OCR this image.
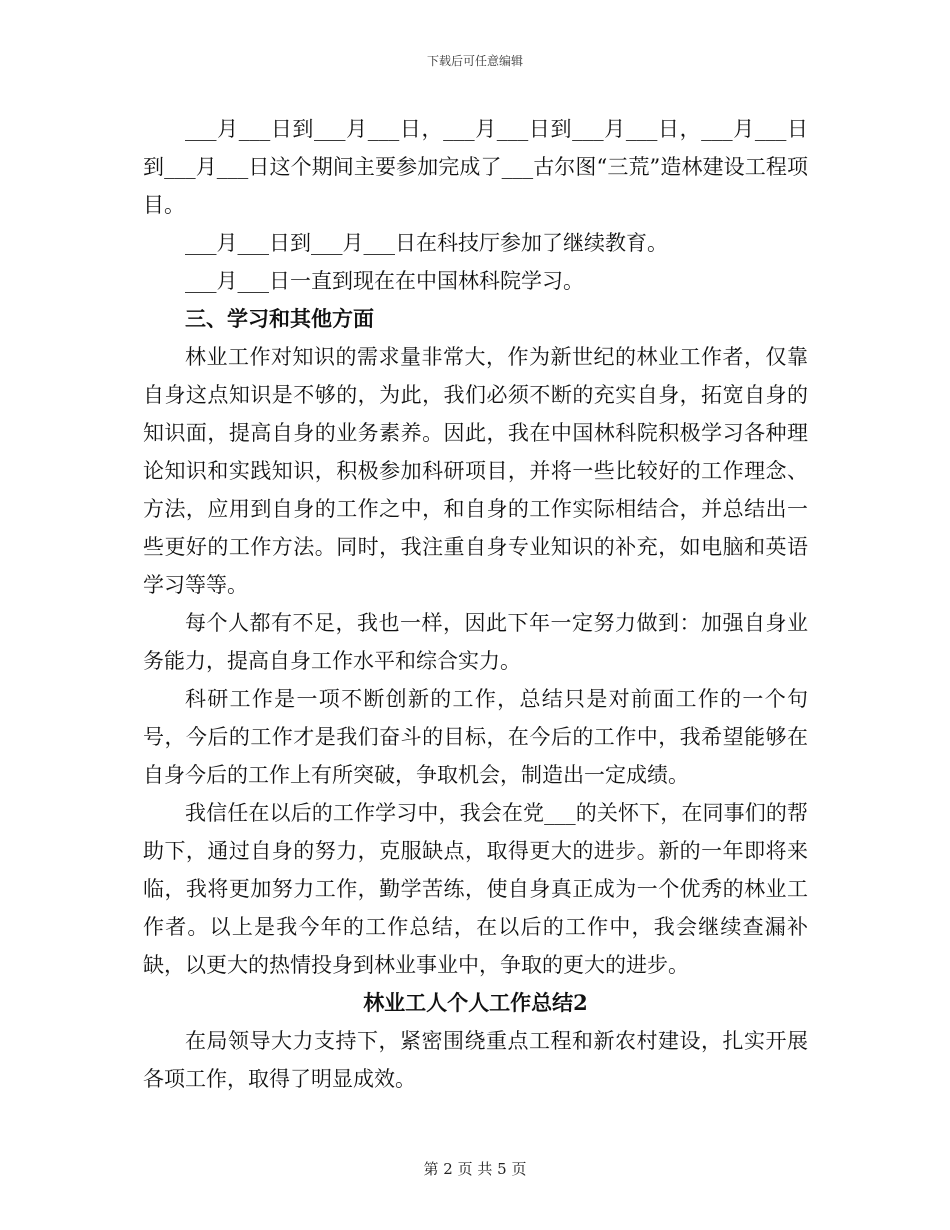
下载后可任意编辑

___月___日到___月___日，___月___日到___月___日，___月___日到___月___日这个期间主要参加完成了___古尔图“三荒”造林建设工程项目。

___月___日到___月___日在科技厅参加了继续教育。

___月___日一直到现在在中国林科院学习。

三、学习和其他方面

林业工作对知识的需求量非常大，作为新世纪的林业工作者，仅靠自身这点知识是不够的，为此，我们必须不断的充实自身，拓宽自身的知识面，提高自身的业务素养。因此，我在中国林科院积极学习各种理论知识和实践知识，积极参加科研项目，并将一些比较好的工作理念、方法，应用到自身的工作之中，和自身的工作实际相结合，并总结出一些更好的工作方法。同时，我注重自身专业知识的补充，如电脑和英语学习等等。

每个人都有不足，我也一样，因此下年一定努力做到：加强自身业务能力，提高自身工作水平和综合实力。

科研工作是一项不断创新的工作，总结只是对前面工作的一个句号，今后的工作才是我们奋斗的目标，在今后的工作中，我希望能够在自身今后的工作上有所突破，争取机会，制造出一定成绩。

我信任在以后的工作学习中，我会在党___的关怀下，在同事们的帮助下，通过自身的努力，克服缺点，取得更大的进步。新的一年即将来临，我将更加努力工作，勤学苦练，使自身真正成为一个优秀的林业工作者。以上是我今年的工作总结，在以后的工作中，我会继续查漏补缺，以更大的热情投身到林业事业中，争取的更大的进步。

林业工人个人工作总结2

在局领导大力支持下，紧密围绕重点工程和新农村建设，扎实开展各项工作，取得了明显成效。

第 2 页 共 5 页
